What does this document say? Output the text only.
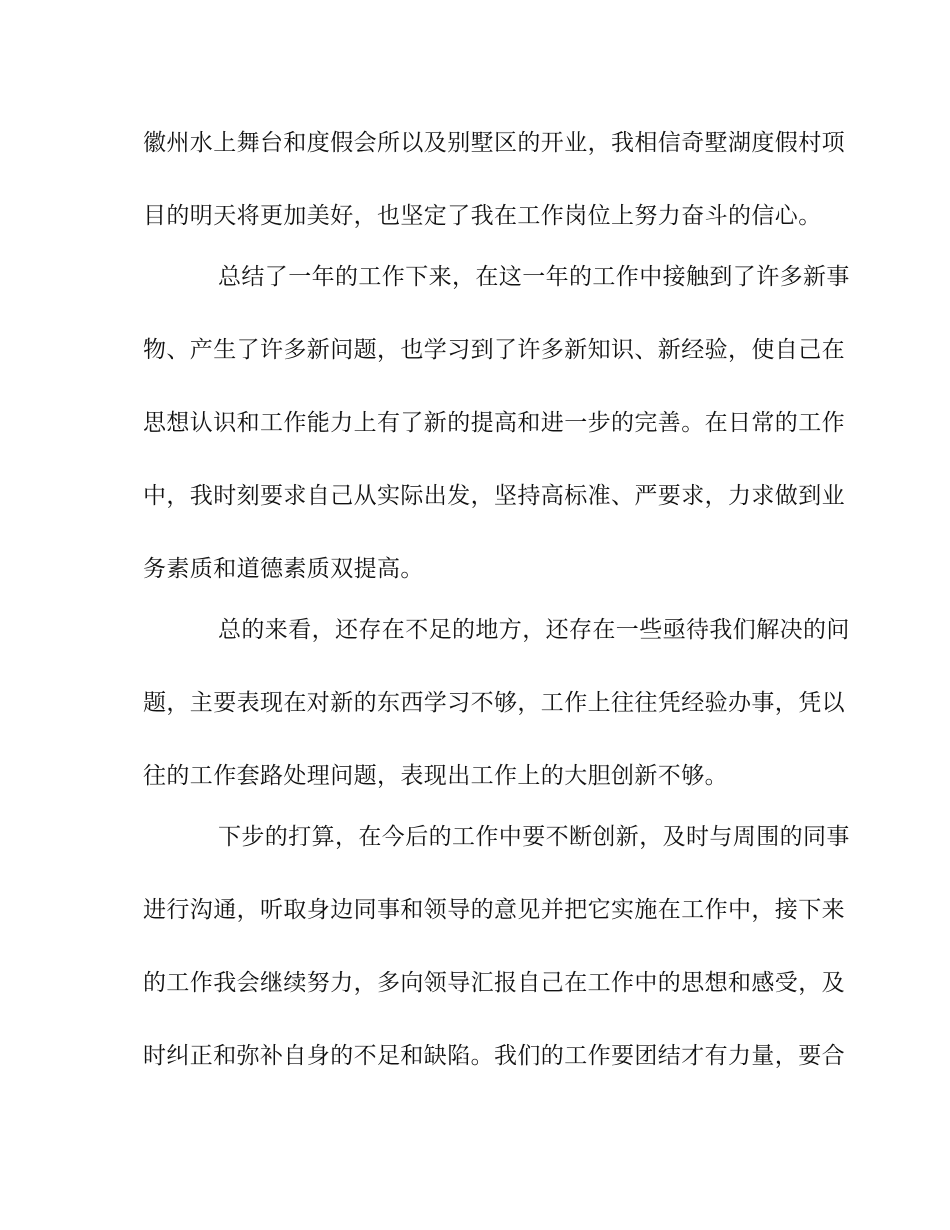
徽州水上舞台和度假会所以及别墅区的开业，我相信奇墅湖度假村项
目的明天将更加美好，也坚定了我在工作岗位上努力奋斗的信心。
总结了一年的工作下来，在这一年的工作中接触到了许多新事
物、产生了许多新问题，也学习到了许多新知识、新经验，使自己在
思想认识和工作能力上有了新的提高和进一步的完善。在日常的工作
中，我时刻要求自己从实际出发，坚持高标准、严要求，力求做到业
务素质和道德素质双提高。
总的来看，还存在不足的地方，还存在一些亟待我们解决的问
题，主要表现在对新的东西学习不够，工作上往往凭经验办事，凭以
往的工作套路处理问题，表现出工作上的大胆创新不够。
下步的打算，在今后的工作中要不断创新，及时与周围的同事
进行沟通，听取身边同事和领导的意见并把它实施在工作中，接下来
的工作我会继续努力，多向领导汇报自己在工作中的思想和感受，及
时纠正和弥补自身的不足和缺陷。我们的工作要团结才有力量，要合
